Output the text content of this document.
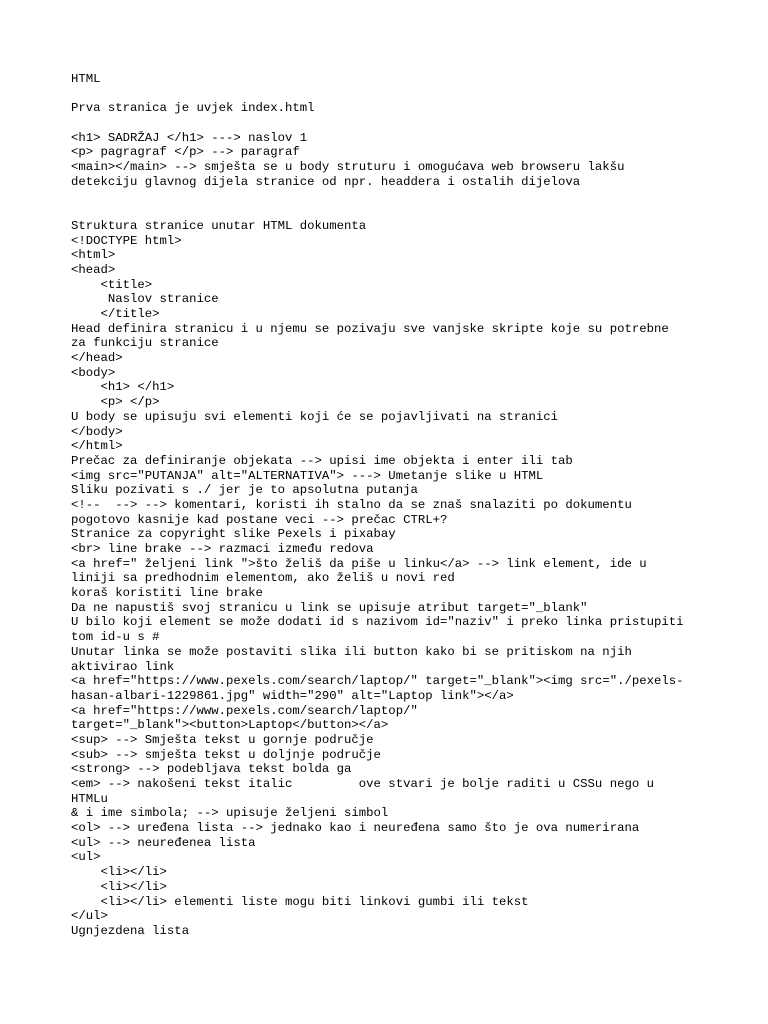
HTML
Prva stranica je uvjek index.html
<h1> SADRŽAJ </h1> ---> naslov 1
<p> pagragraf </p> --> paragraf
<main></main> --> smješta se u body struturu i omogućava web browseru lakšu
detekciju glavnog dijela stranice od npr. headdera i ostalih dijelova
Struktura stranice unutar HTML dokumenta
<!DOCTYPE html>
<html>
<head>
<title>
Naslov stranice
</title>
Head definira stranicu i u njemu se pozivaju sve vanjske skripte koje su potrebne
za funkciju stranice
</head>
<body>
<h1> </h1>
<p> </p>
U body se upisuju svi elementi koji će se pojavljivati na stranici
</body>
</html>
Prečac za definiranje objekata --> upisi ime objekta i enter ili tab
<img src="PUTANJA" alt="ALTERNATIVA"> ---> Umetanje slike u HTML
Sliku pozivati s ./ jer je to apsolutna putanja
<!--  --> --> komentari, koristi ih stalno da se znaš snalaziti po dokumentu
pogotovo kasnije kad postane veci --> prečac CTRL+?
Stranice za copyright slike Pexels i pixabay
<br> line brake --> razmaci između redova
<a href=" željeni link ">što želiš da piše u linku</a> --> link element, ide u
liniji sa predhodnim elementom, ako želiš u novi red
koraš koristiti line brake
Da ne napustiš svoj stranicu u link se upisuje atribut target="_blank"
U bilo koji element se može dodati id s nazivom id="naziv" i preko linka pristupiti
tom id-u s #
Unutar linka se može postaviti slika ili button kako bi se pritiskom na njih
aktivirao link
<a href="https://www.pexels.com/search/laptop/" target="_blank"><img src="./pexels-
hasan-albari-1229861.jpg" width="290" alt="Laptop link"></a>
<a href="https://www.pexels.com/search/laptop/"
target="_blank"><button>Laptop</button></a>
<sup> --> Smješta tekst u gornje područje
<sub> --> smješta tekst u doljnje područje
<strong> --> podebljava tekst bolda ga
<em> --> nakošeni tekst italic         ove stvari je bolje raditi u CSSu nego u
HTMLu
& i ime simbola; --> upisuje željeni simbol
<ol> --> uređena lista --> jednako kao i neuređena samo što je ova numerirana
<ul> --> neuređenea lista
<ul>
<li></li>
<li></li>
<li></li> elementi liste mogu biti linkovi gumbi ili tekst
</ul>
Ugnjezdena lista
